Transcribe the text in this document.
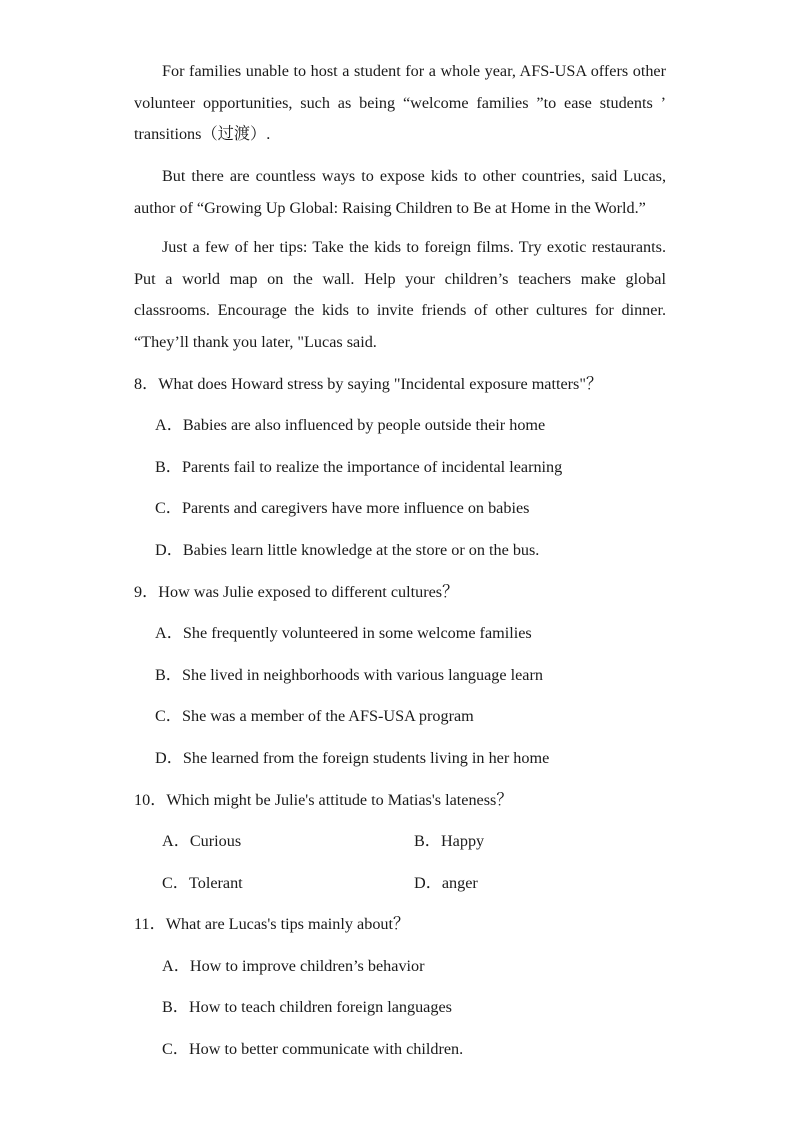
For families unable to host a student for a whole year, AFS-USA offers other volunteer opportunities, such as being “welcome families ”to ease students ’ transitions（过渡）.

But there are countless ways to expose kids to other countries, said Lucas, author of “Growing Up Global: Raising Children to Be at Home in the World.”

Just a few of her tips: Take the kids to foreign films. Try exotic restaurants. Put a world map on the wall. Help your children’s teachers make global classrooms. Encourage the kids to invite friends of other cultures for dinner. “They’ll thank you later, "Lucas said.

8．What does Howard stress by saying "Incidental exposure matters"？
A．Babies are also influenced by people outside their home
B．Parents fail to realize the importance of incidental learning
C．Parents and caregivers have more influence on babies
D．Babies learn little knowledge at the store or on the bus.
9．How was Julie exposed to different cultures？
A．She frequently volunteered in some welcome families
B．She lived in neighborhoods with various language learn
C．She was a member of the AFS-USA program
D．She learned from the foreign students living in her home
10．Which might be Julie's attitude to Matias's lateness？
A．Curious	B．Happy
C．Tolerant	D．anger
11．What are Lucas's tips mainly about？
A．How to improve children’s behavior
B．How to teach children foreign languages
C．How to better communicate with children.
